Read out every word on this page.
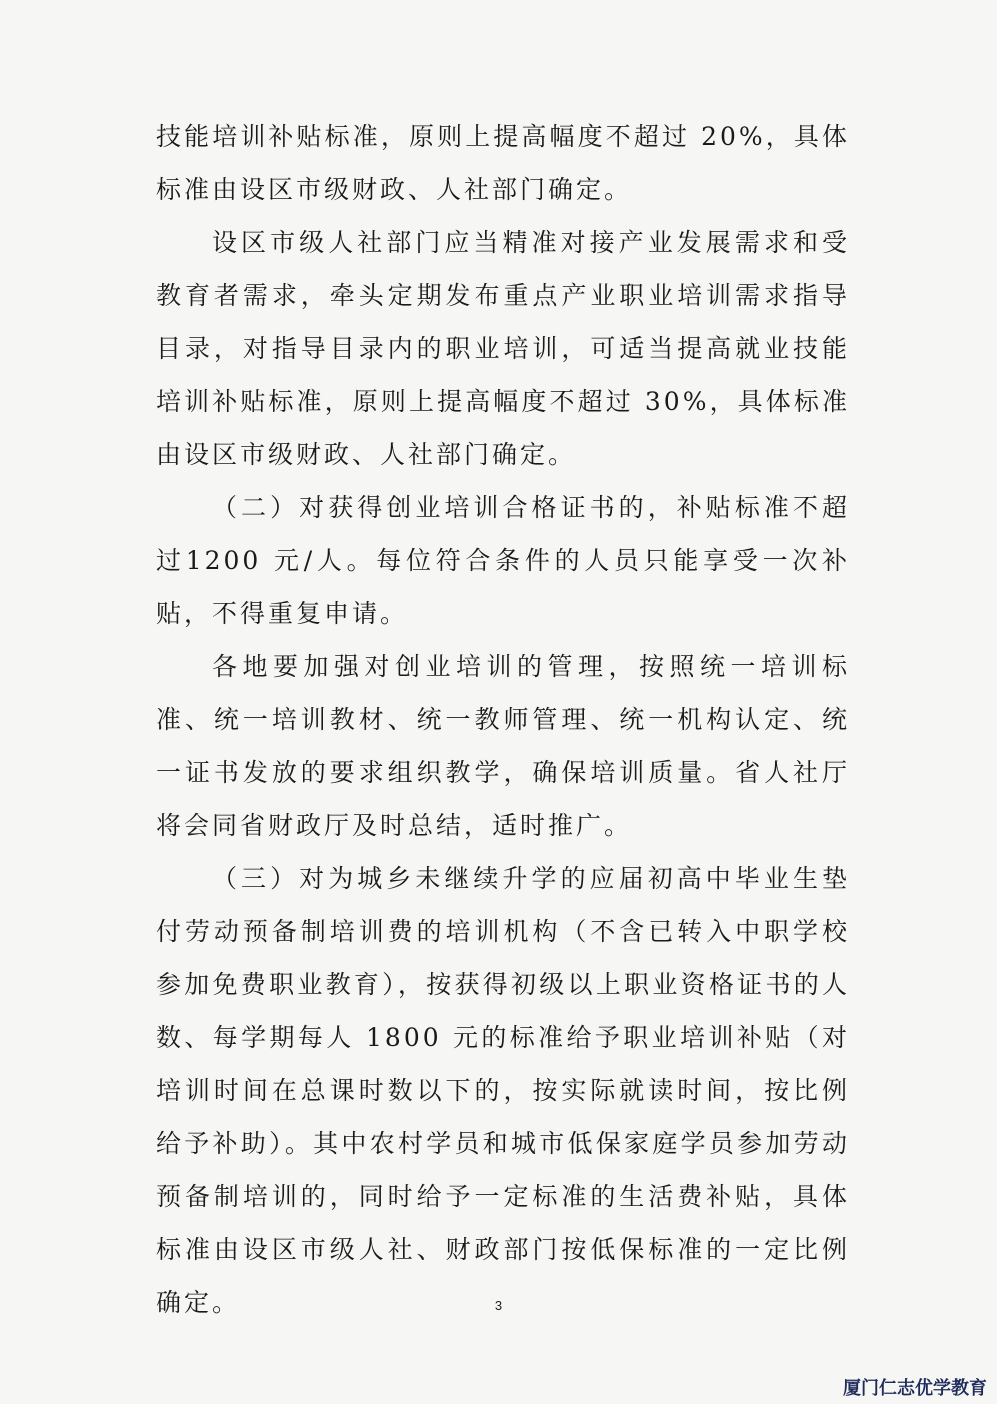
技能培训补贴标准，原则上提高幅度不超过 20%，具体标准由设区市级财政、人社部门确定。

设区市级人社部门应当精准对接产业发展需求和受教育者需求，牵头定期发布重点产业职业培训需求指导目录，对指导目录内的职业培训，可适当提高就业技能培训补贴标准，原则上提高幅度不超过 30%，具体标准由设区市级财政、人社部门确定。

（二）对获得创业培训合格证书的，补贴标准不超过1200 元/人。每位符合条件的人员只能享受一次补贴，不得重复申请。

各地要加强对创业培训的管理，按照统一培训标准、统一培训教材、统一教师管理、统一机构认定、统一证书发放的要求组织教学，确保培训质量。省人社厅将会同省财政厅及时总结，适时推广。

（三）对为城乡未继续升学的应届初高中毕业生垫付劳动预备制培训费的培训机构（不含已转入中职学校参加免费职业教育），按获得初级以上职业资格证书的人数、每学期每人 1800 元的标准给予职业培训补贴（对培训时间在总课时数以下的，按实际就读时间，按比例给予补助）。其中农村学员和城市低保家庭学员参加劳动预备制培训的，同时给予一定标准的生活费补贴，具体标准由设区市级人社、财政部门按低保标准的一定比例确定。	3
厦门仁志优学教育
